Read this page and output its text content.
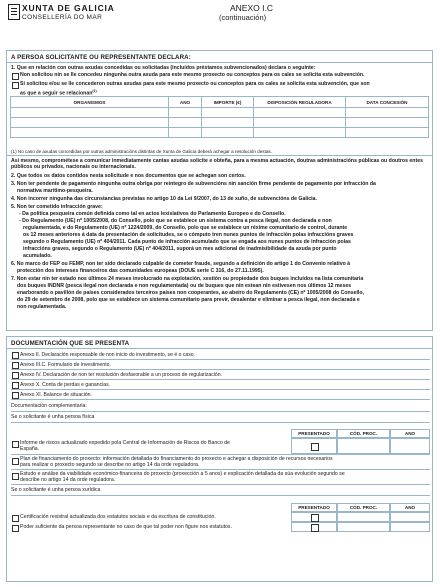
XUNTA DE GALICIA
CONSELLERÍA DO MAR
ANEXO I.C
(continuación)
A PERSOA SOLICITANTE OU REPRESENTANTE DECLARA:
1. Que en relación con outras axudas concedidas ou solicitadas (incluídos préstamos subvencionados) declara o seguinte:
Non solicitou nin se lle concedeu ningunha outra axuda para este mesmo proxecto ou conceptos para os cales se solicita esta subvención.
Si solicitou e/ou se lle concederon outras axudas para este mesmo proxecto ou conceptos para os cales se solicita esta subvención, que son
as que a seguir se relacionan$^{(1)}$
ORGANISMOS	ANO	IMPORTE (€)	DISPOSICIÓN REGULADORA	DATA CONCESIÓN

(1) No caso de axudas concedidas por outras administracións distintas de Xunta de Galicia deberá achegar a resolución destas.
Así mesmo, comprométese a comunicar inmediatamente cantas axudas solicite e obteña, para a mesma actuación, doutras administracións públicas ou doutros entes públicos ou privados, nacionais ou internacionais.
2. Que todos os datos contidos nesta solicitude e nos documentos que se achegan son certos.
3. Non ter pendente de pagamento ningunha outra obriga por reintegro de subvencións nin sanción firme pendente de pagamento por infracción da
normativa marítimo-pesqueira.
4. Non incorrer ningunha das circunstancias previstas no artigo 10 da Lei 9/2007, do 13 de xuño, de subvencións de Galicia.
5. Non ter cometido infracción grave:
- Da política pesqueira común definida como tal en actos lexislativos do Parlamento Europeo e do Consello.
- Do Regulamento (UE) nº 1005/2008, do Consello, polo que se establece un sistema contra a pesca ilegal, non declarada e non
regulamentada, e do Regulamento (UE) nº 1224/2009, do Consello, polo que se establece un réxime comunitario de control, durante
os 12 meses anteriores á data da presentación de solicitudes, se o cómputo tren nunes puntos de infracción polas infraccións graves
segundo o Regulamento (UE) nº 404/2011. Cada punto de infracción acumulado que se engada aos nunes puntos de infracción polas
infraccións graves, segundo o Regulamento (UE) nº 404/2011, suporá un mes adicional de inadmisibilidade da axuda por punto
acumulado.
6. No marco do FEP ou FEMP, non ter sido declarado culpable de cometer fraude, segundo a definición do artigo 1 do Convenio relativo á
protección dos intereses financeiros das comunidades europeas (DOUE serie C 316, do 27.11.1995).
7. Non estar nin ter estado nos últimos 24 meses involucrado na explotación, xestión ou propiedade dos buques incluídos na lista comunitaria
dos buques INDNR (pesca ilegal non declarada e non regulamentada) ou de buques que nin estean nin estivesen nos últimos 12 meses
enarborando o pavillón de países considerados terceiros países non cooperantes, ao abeiro do Regulamento (CE) nº 1005/2008 do Consello,
do 29 de setembro de 2008, polo que se establece un sistema comunitario para previr, desalentar e eliminar a pesca ilegal, non declarada e
non regulamentada.
DOCUMENTACIÓN QUE SE PRESENTA
Anexo II. Declaración responsable de non inicio do investimento, se é o caso.
Anexo III.C. Formulario de investimento.
Anexo IV. Declaración de non ter resolución desfavorable a un proceso de regularización.
Anexo X. Conta de perdas e ganancias.
Anexo XI. Balance de situación.
Documentación complementaria:
Se o solicitante é unha persoa física
PRESENTADO	CÓD. PROC.	ANO
Informe de riscos actualizado expedido pola Central de Información de Riscos do Banco de
España.
Plan de financiamento do proxecto: información detallada do financiamento do proxecto e achegar a disposición de recursos necesarios
para realizar o proxecto segundo se describe no artigo 14 da orde reguladora.
Estudo e análise da viabilidade económico-financeira do proxecto (proxección a 5 anos) e explicación detallada da súa evolución segundo se
describe no artigo 14 da orde reguladora.
Se o solicitante é unha persoa xurídica
PRESENTADO	CÓD. PROC.	ANO
Certificación rexistral actualizada dos estatutos sociais e da escritura de constitución.
Poder suficiente da persoa representante no caso de que tal poder non figure nos estatutos.
